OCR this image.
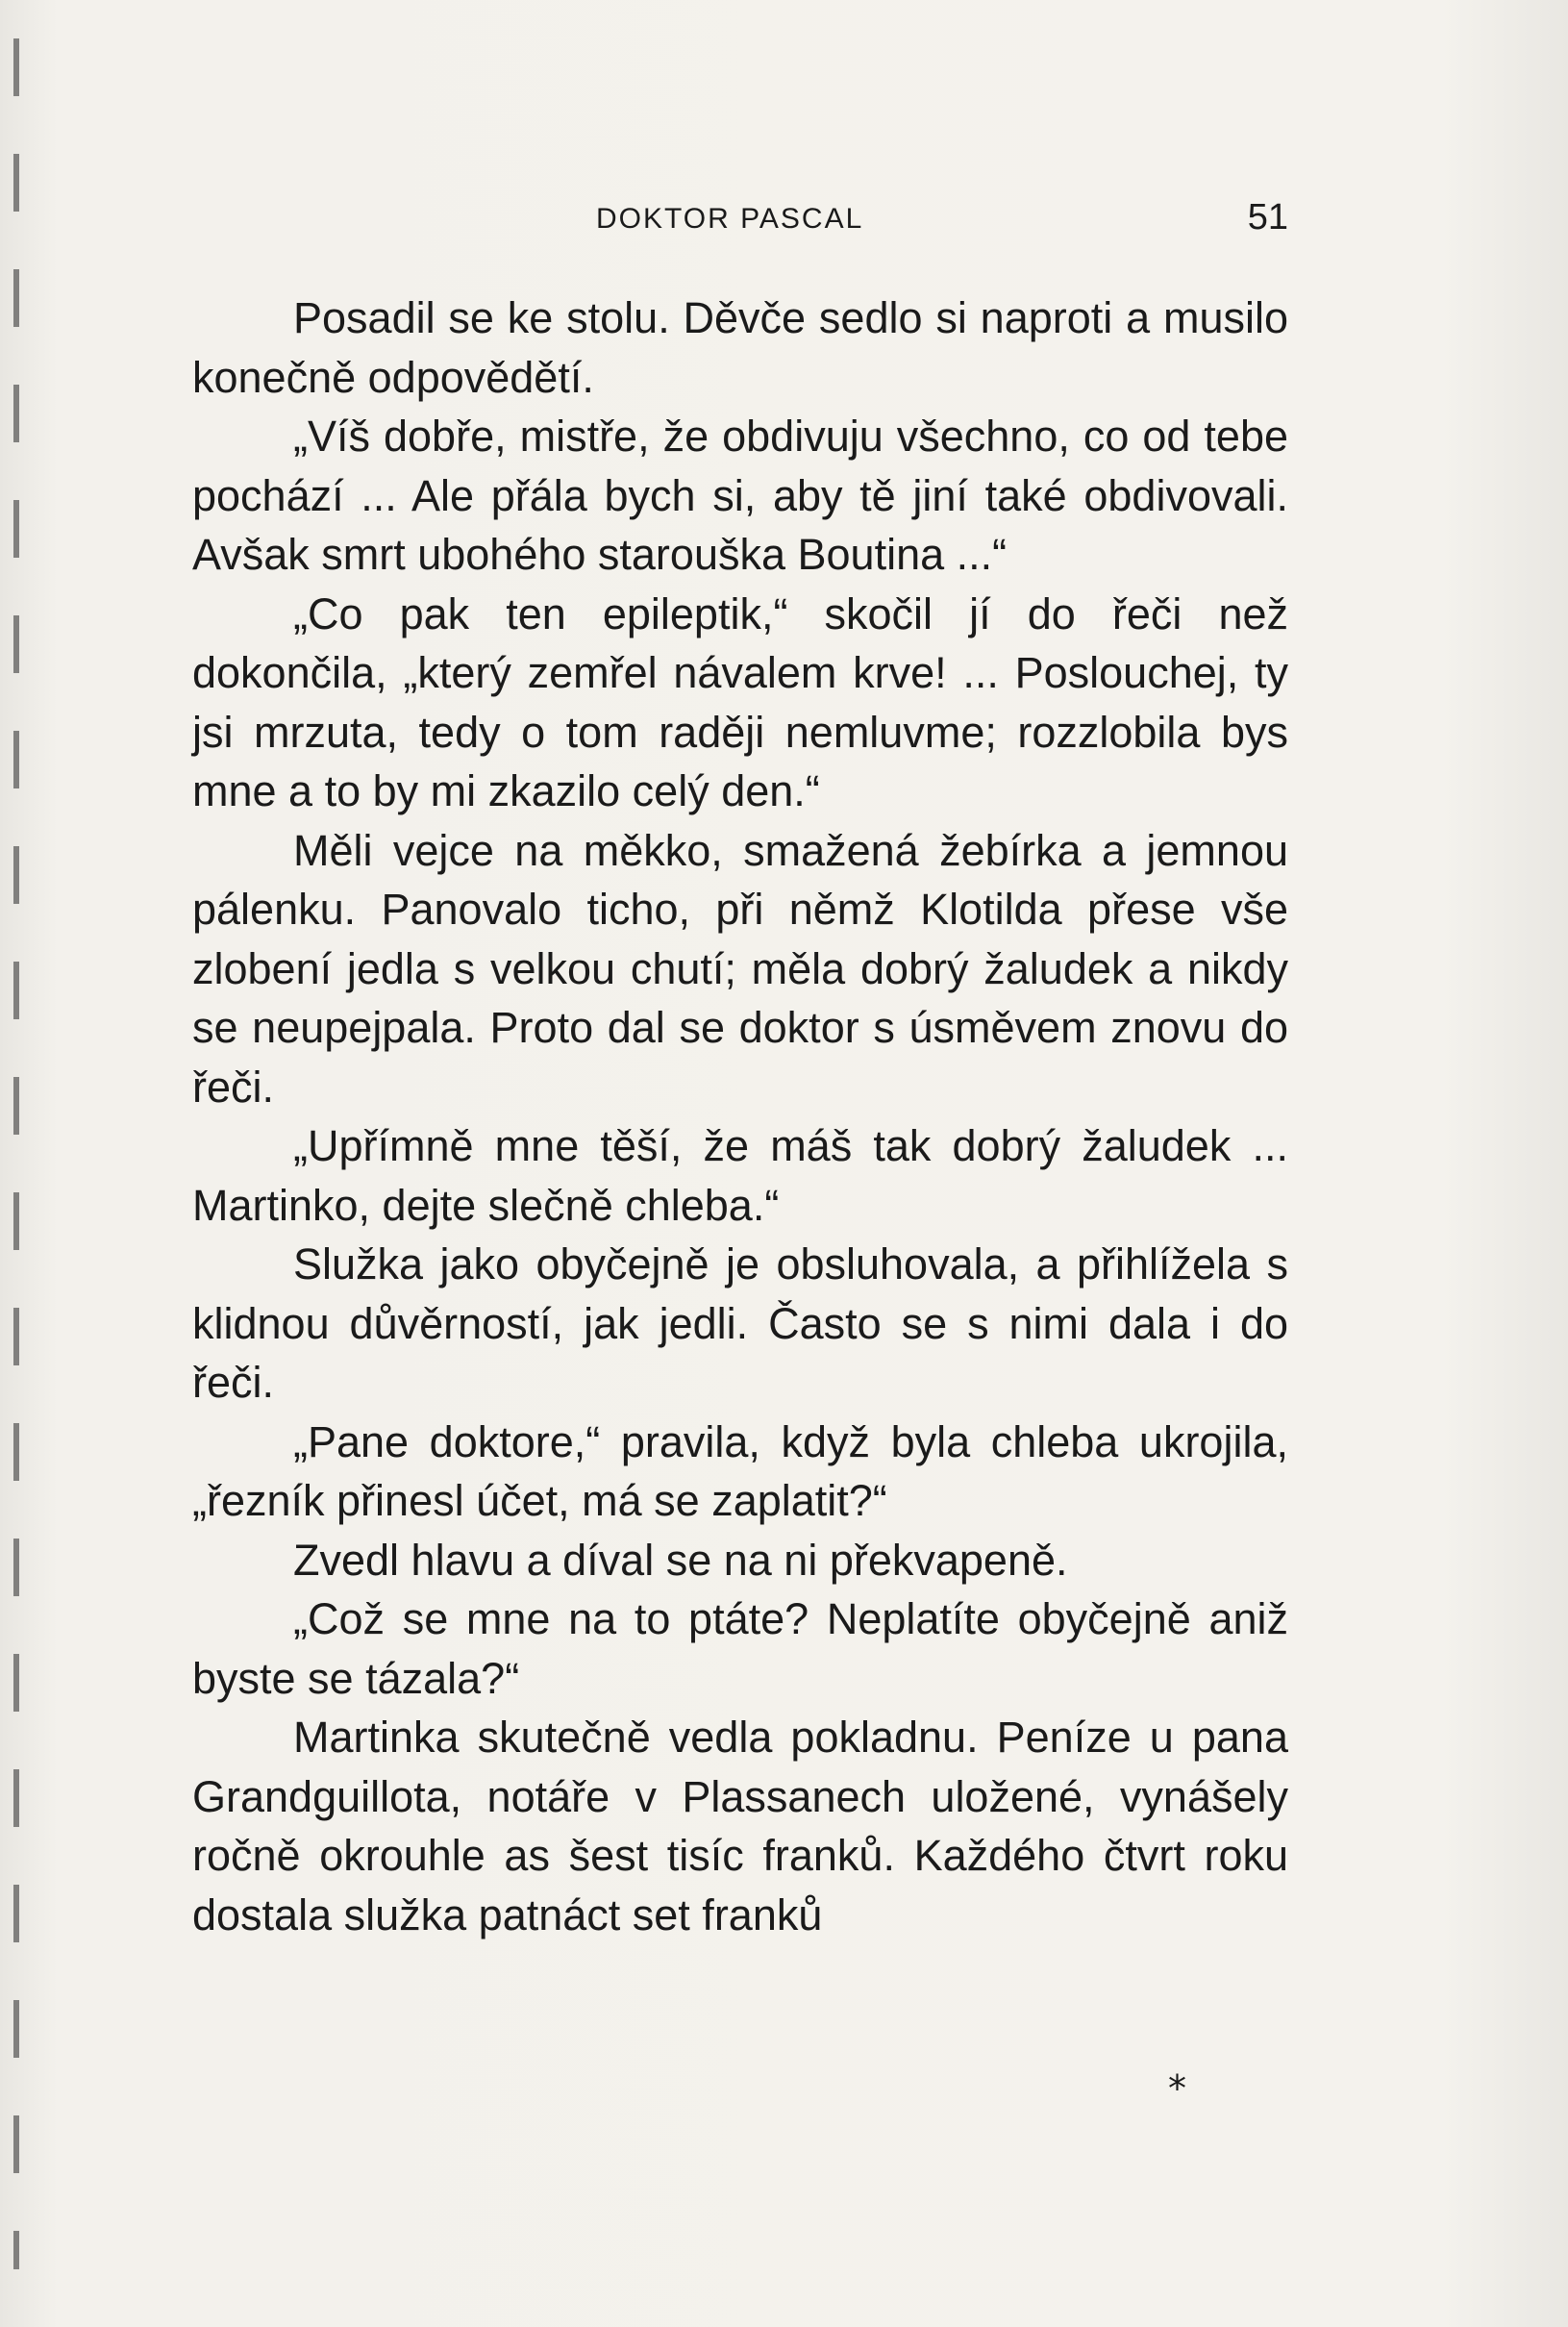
DOKTOR PASCAL	51

Posadil se ke stolu. Děvče sedlo si naproti a musilo konečně odpovědětí.

„Víš dobře, mistře, že obdivuju všechno, co od tebe pochází ... Ale přála bych si, aby tě jiní také obdivovali. Avšak smrt ubohého starouška Boutina ...“

„Co pak ten epileptik,“ skočil jí do řeči než dokončila, „který zemřel návalem krve! ... Poslouchej, ty jsi mrzuta, tedy o tom raději nemluvme; rozzlobila bys mne a to by mi zkazilo celý den.“

Měli vejce na měkko, smažená žebírka a jemnou pálenku. Panovalo ticho, při němž Klotilda přese vše zlobení jedla s velkou chutí; měla dobrý žaludek a nikdy se neupejpala. Proto dal se doktor s úsměvem znovu do řeči.

„Upřímně mne těší, že máš tak dobrý žaludek ... Martinko, dejte slečně chleba.“

Služka jako obyčejně je obsluhovala, a přihlížela s klidnou důvěrností, jak jedli. Často se s nimi dala i do řeči.

„Pane doktore,“ pravila, když byla chleba ukrojila, „řezník přinesl účet, má se zaplatit?“

Zvedl hlavu a díval se na ni překvapeně.

„Což se mne na to ptáte? Neplatíte obyčejně aniž byste se tázala?“

Martinka skutečně vedla pokladnu. Peníze u pana Grandguillota, notáře v Plassanech uložené, vynášely ročně okrouhle as šest tisíc franků. Každého čtvrt roku dostala služka patnáct set franků

*
